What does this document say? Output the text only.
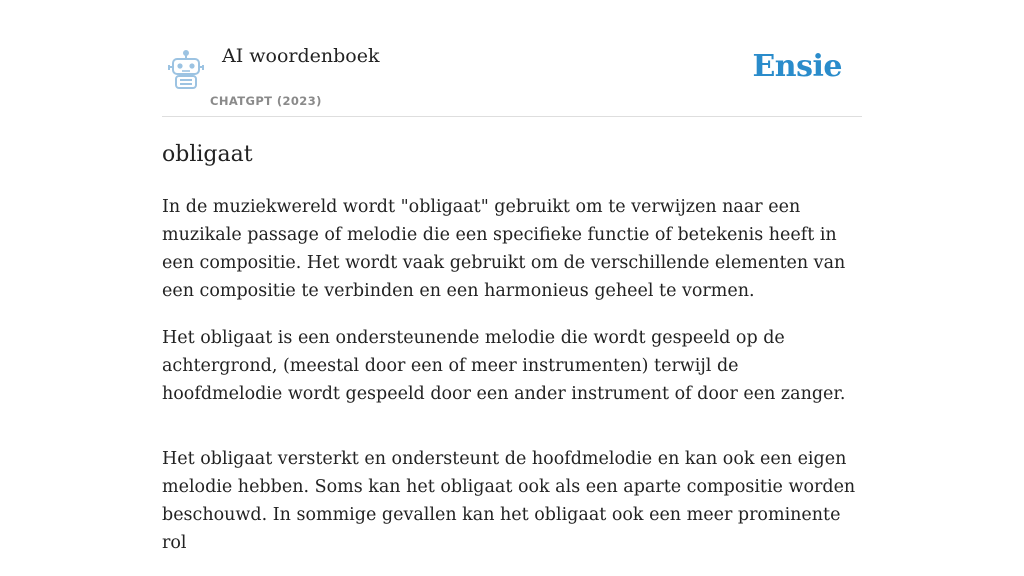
AI woordenboek
CHATGPT (2023)
Ensie
obligaat

In de muziekwereld wordt "obligaat" gebruikt om te verwijzen naar een muzikale passage of melodie die een specifieke functie of betekenis heeft in een compositie. Het wordt vaak gebruikt om de verschillende elementen van een compositie te verbinden en een harmonieus geheel te vormen.

Het obligaat is een ondersteunende melodie die wordt gespeeld op de achtergrond, (meestal door een of meer instrumenten) terwijl de hoofdmelodie wordt gespeeld door een ander instrument of door een zanger.

Het obligaat versterkt en ondersteunt de hoofdmelodie en kan ook een eigen melodie hebben. Soms kan het obligaat ook als een aparte compositie worden beschouwd. In sommige gevallen kan het obligaat ook een meer prominente rol
